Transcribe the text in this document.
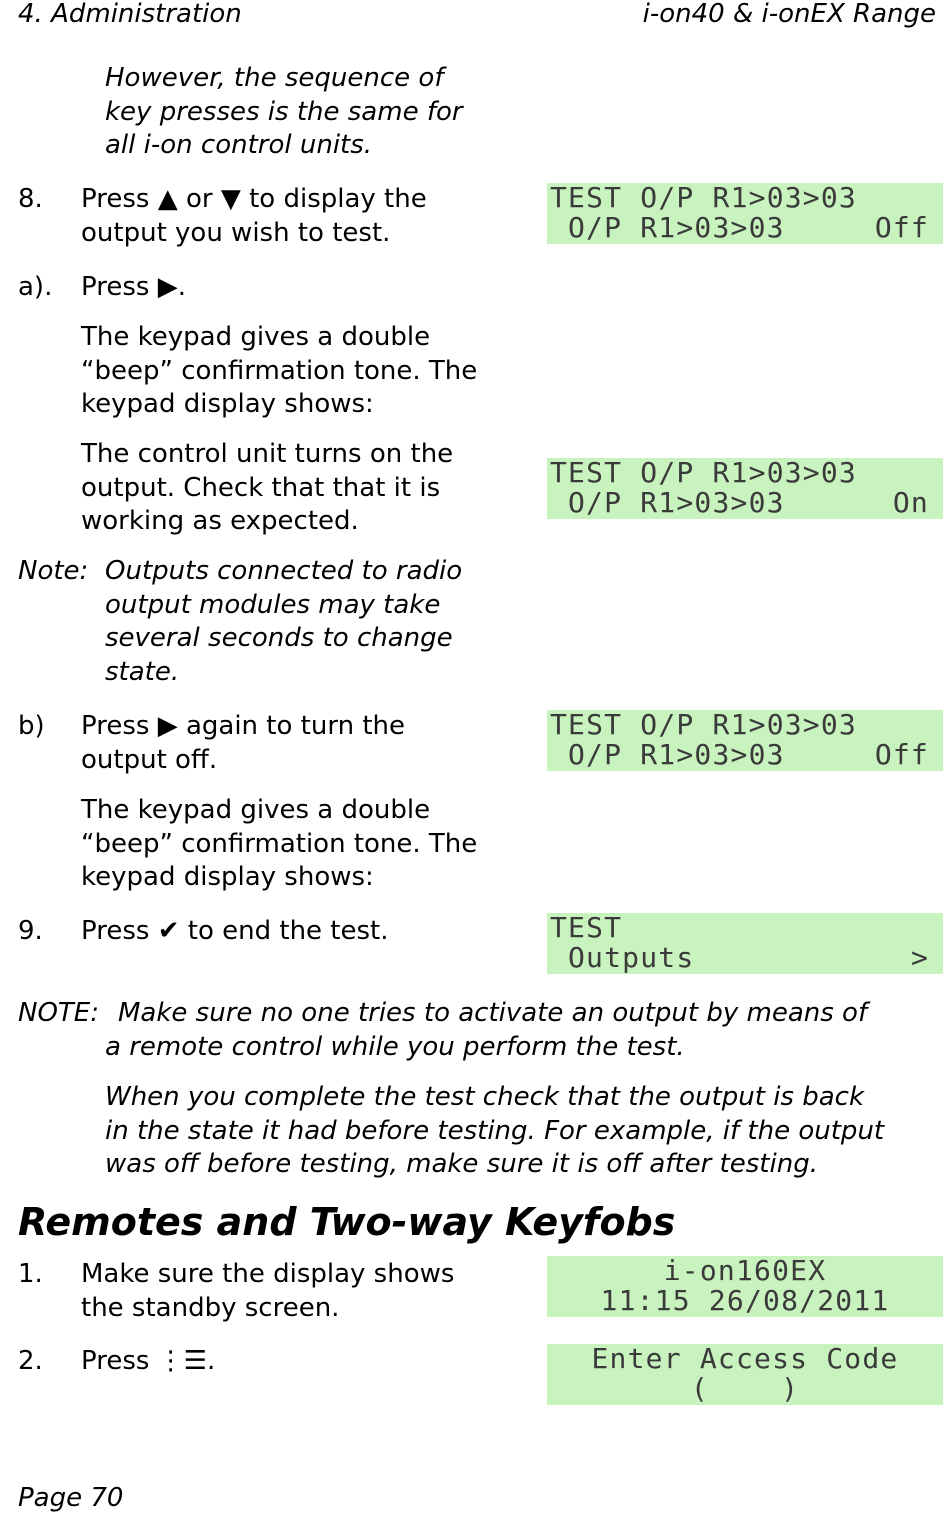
4. Administration	i-on40 & i-onEX Range
However, the sequence of
key presses is the same for
all i-on control units.
8. Press ▲ or ▼ to display the
output you wish to test.
TEST O/P R1>03>03
O/P R1>03>03	Off
a). Press ▶.
The keypad gives a double
“beep” confirmation tone. The
keypad display shows:
The control unit turns on the
output. Check that that it is
working as expected.
TEST O/P R1>03>03
O/P R1>03>03	On
Note: Outputs connected to radio
output modules may take
several seconds to change
state.
b) Press ▶ again to turn the
output off.
TEST O/P R1>03>03
O/P R1>03>03	Off
The keypad gives a double
“beep” confirmation tone. The
keypad display shows:
9. Press ✔ to end the test.	TEST
Outputs	>
NOTE: Make sure no one tries to activate an output by means of
a remote control while you perform the test.
When you complete the test check that the output is back
in the state it had before testing. For example, if the output
was off before testing, make sure it is off after testing.
Remotes and Two-way Keyfobs
1. Make sure the display shows
the standby screen.
i-on160EX
11:15 26/08/2011
2. Press ⋮☰.	Enter Access Code
(    )
Page 70
